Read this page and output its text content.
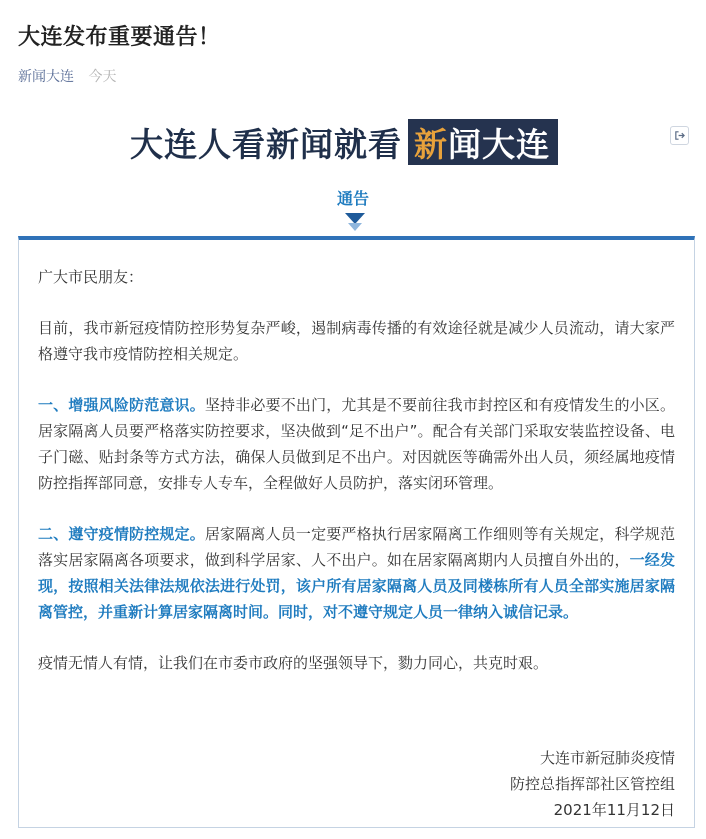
大连发布重要通告！
新闻大连 今天
大连人看新闻就看 新 闻大连
通告

广大市民朋友：

目前，我市新冠疫情防控形势复杂严峻，遏制病毒传播的有效途径就是减少人员流动，请大家严格遵守我市疫情防控相关规定。

一、增强风险防范意识。坚持非必要不出门，尤其是不要前往我市封控区和有疫情发生的小区。居家隔离人员要严格落实防控要求，坚决做到“足不出户”。配合有关部门采取安装监控设备、电子门磁、贴封条等方式方法，确保人员做到足不出户。对因就医等确需外出人员，须经属地疫情防控指挥部同意，安排专人专车，全程做好人员防护，落实闭环管理。

二、遵守疫情防控规定。居家隔离人员一定要严格执行居家隔离工作细则等有关规定，科学规范落实居家隔离各项要求，做到科学居家、人不出户。如在居家隔离期内人员擅自外出的，一经发现，按照相关法律法规依法进行处罚，该户所有居家隔离人员及同楼栋所有人员全部实施居家隔离管控，并重新计算居家隔离时间。同时，对不遵守规定人员一律纳入诚信记录。

疫情无情人有情，让我们在市委市政府的坚强领导下，勠力同心，共克时艰。

大连市新冠肺炎疫情
防控总指挥部社区管控组
2021年11月12日
